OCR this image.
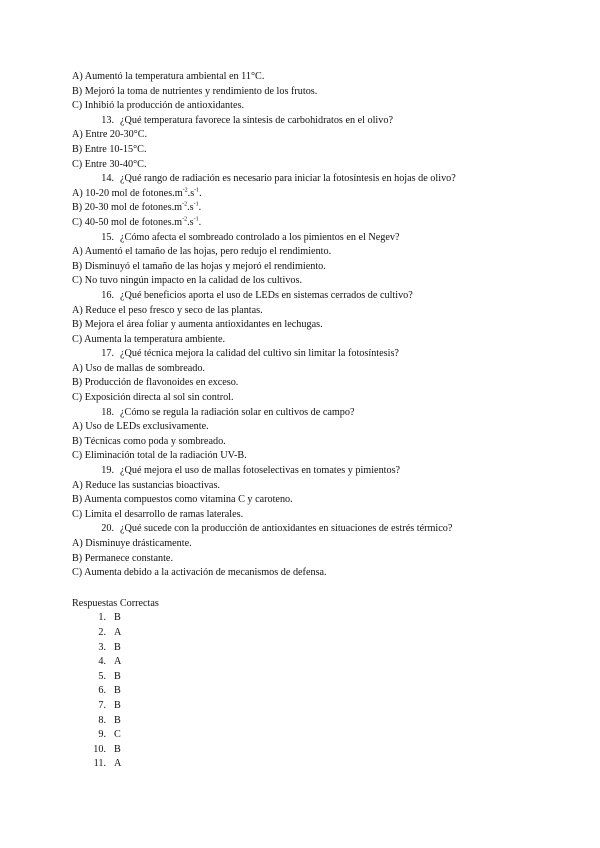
A) Aumentó la temperatura ambiental en 11°C.
B) Mejoró la toma de nutrientes y rendimiento de los frutos.
C) Inhibió la producción de antioxidantes.
13. ¿Qué temperatura favorece la síntesis de carbohidratos en el olivo?
A) Entre 20-30°C.
B) Entre 10-15°C.
C) Entre 30-40°C.
14. ¿Qué rango de radiación es necesario para iniciar la fotosíntesis en hojas de olivo?
A) 10-20 mol de $fotones.m^{-2}.s^{-1}$.
B) 20-30 mol de $fotones.m^{-2}.s^{-1}$.
C) 40-50 mol de $fotones.m^{-2}.s^{-1}$.
15. ¿Cómo afecta el sombreado controlado a los pimientos en el Negev?
A) Aumentó el tamaño de las hojas, pero redujo el rendimiento.
B) Disminuyó el tamaño de las hojas y mejoró el rendimiento.
C) No tuvo ningún impacto en la calidad de los cultivos.
16. ¿Qué beneficios aporta el uso de LEDs en sistemas cerrados de cultivo?
A) Reduce el peso fresco y seco de las plantas.
B) Mejora el área foliar y aumenta antioxidantes en lechugas.
C) Aumenta la temperatura ambiente.
17. ¿Qué técnica mejora la calidad del cultivo sin limitar la fotosíntesis?
A) Uso de mallas de sombreado.
B) Producción de flavonoides en exceso.
C) Exposición directa al sol sin control.
18. ¿Cómo se regula la radiación solar en cultivos de campo?
A) Uso de LEDs exclusivamente.
B) Técnicas como poda y sombreado.
C) Eliminación total de la radiación UV-B.
19. ¿Qué mejora el uso de mallas fotoselectivas en tomates y pimientos?
A) Reduce las sustancias bioactivas.
B) Aumenta compuestos como vitamina C y caroteno.
C) Limita el desarrollo de ramas laterales.
20. ¿Qué sucede con la producción de antioxidantes en situaciones de estrés térmico?
A) Disminuye drásticamente.
B) Permanece constante.
C) Aumenta debido a la activación de mecanismos de defensa.
Respuestas Correctas
1. B
2. A
3. B
4. A
5. B
6. B
7. B
8. B
9. C
10. B
11. A
